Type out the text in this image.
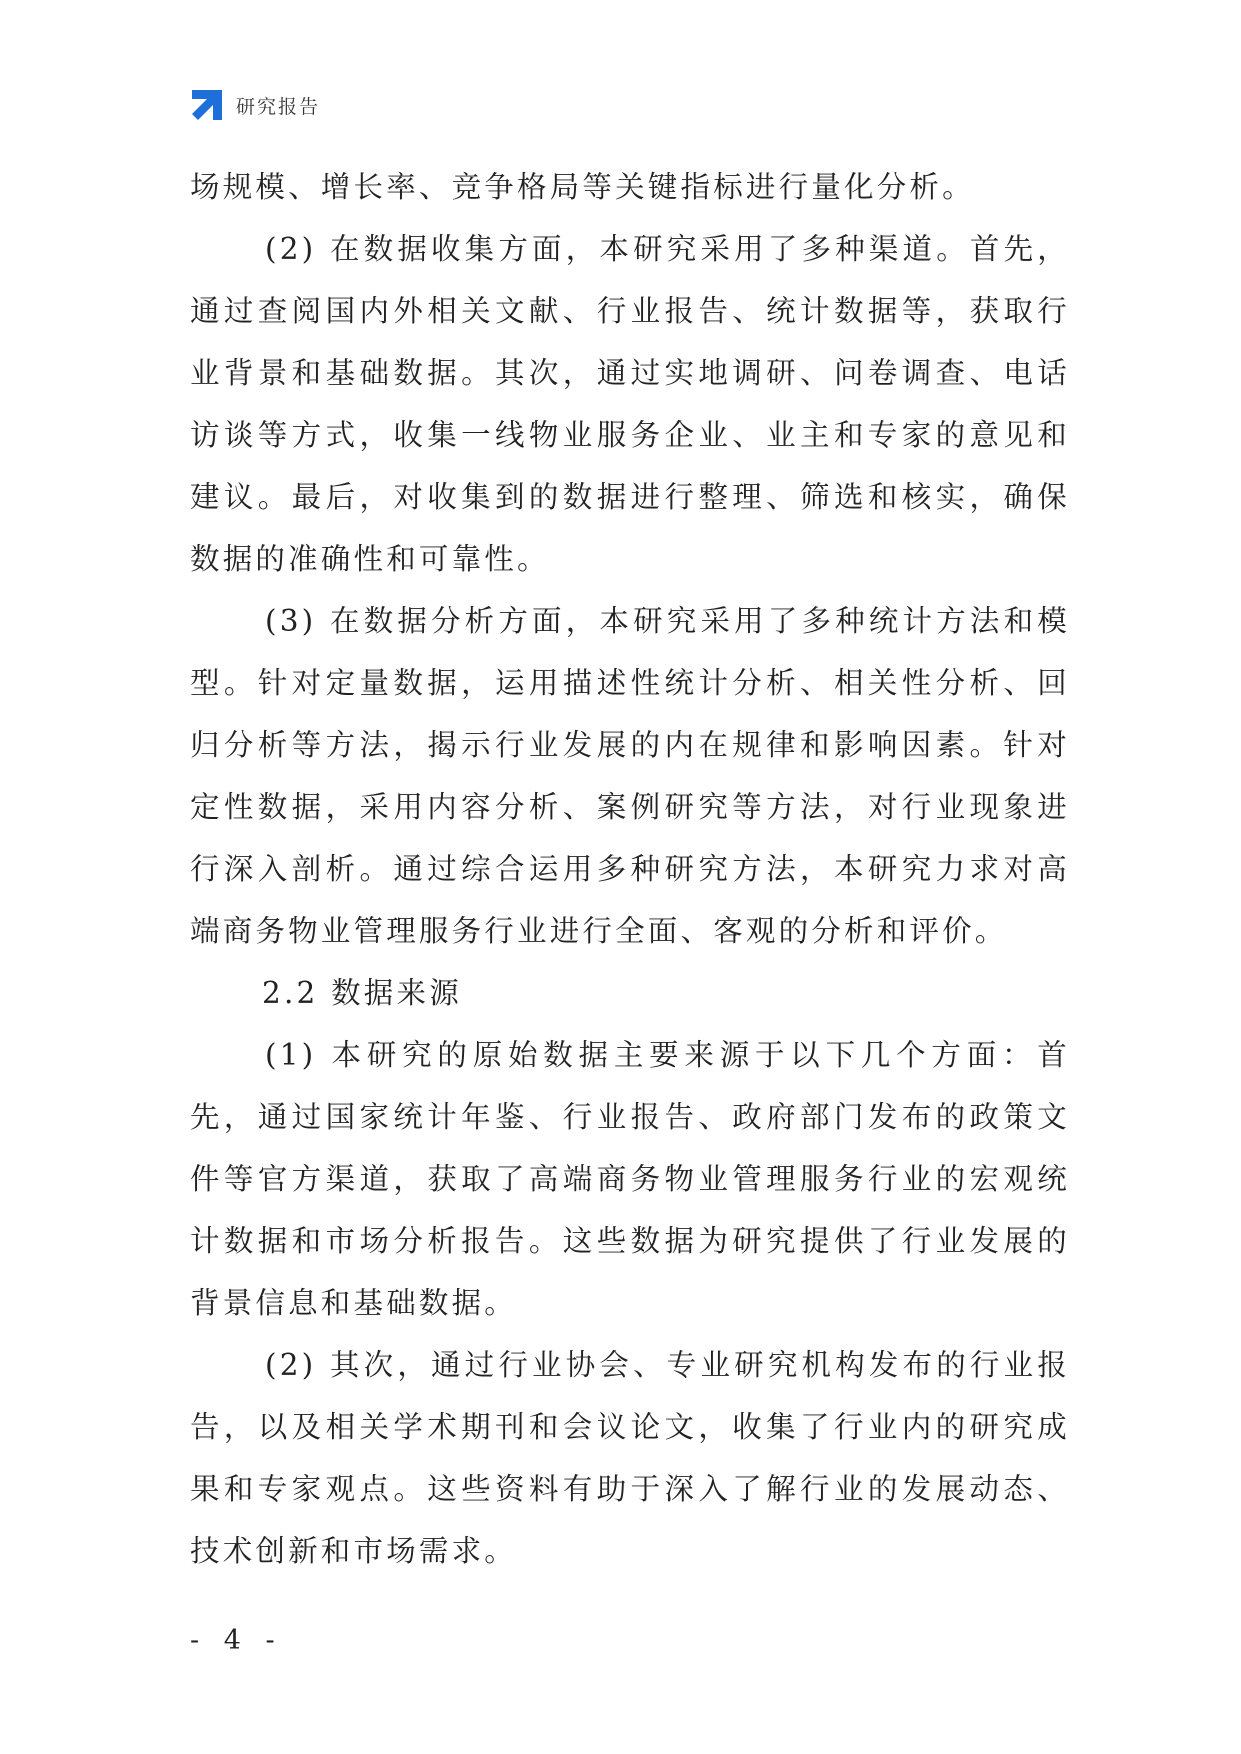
研究报告

场规模、增长率、竞争格局等关键指标进行量化分析。

(2) 在数据收集方面，本研究采用了多种渠道。首先，通过查阅国内外相关文献、行业报告、统计数据等，获取行业背景和基础数据。其次，通过实地调研、问卷调查、电话访谈等方式，收集一线物业服务企业、业主和专家的意见和建议。最后，对收集到的数据进行整理、筛选和核实，确保数据的准确性和可靠性。

(3) 在数据分析方面，本研究采用了多种统计方法和模型。针对定量数据，运用描述性统计分析、相关性分析、回归分析等方法，揭示行业发展的内在规律和影响因素。针对定性数据，采用内容分析、案例研究等方法，对行业现象进行深入剖析。通过综合运用多种研究方法，本研究力求对高端商务物业管理服务行业进行全面、客观的分析和评价。

2.2 数据来源

(1) 本研究的原始数据主要来源于以下几个方面：首先，通过国家统计年鉴、行业报告、政府部门发布的政策文件等官方渠道，获取了高端商务物业管理服务行业的宏观统计数据和市场分析报告。这些数据为研究提供了行业发展的背景信息和基础数据。

(2) 其次，通过行业协会、专业研究机构发布的行业报告，以及相关学术期刊和会议论文，收集了行业内的研究成果和专家观点。这些资料有助于深入了解行业的发展动态、技术创新和市场需求。

- 4 -
